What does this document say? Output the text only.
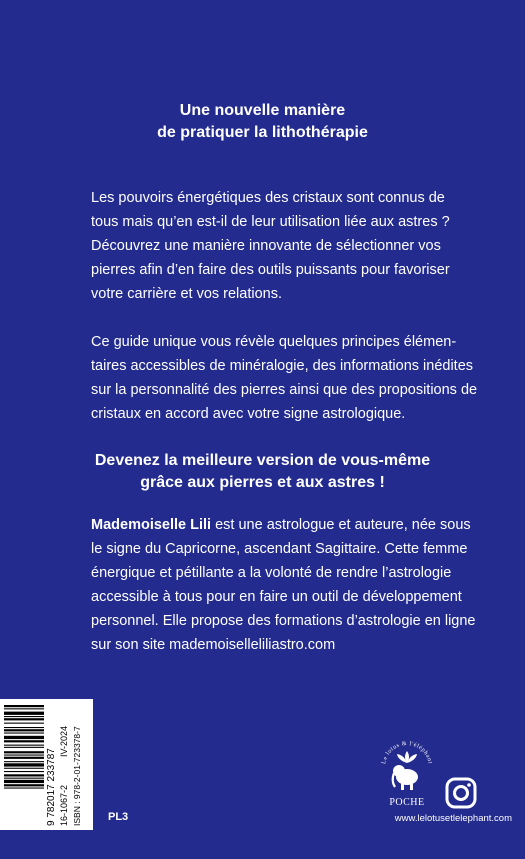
Une nouvelle manière
de pratiquer la lithothérapie
Les pouvoirs énergétiques des cristaux sont connus de
tous mais qu’en est-il de leur utilisation liée aux astres ?
Découvrez une manière innovante de sélectionner vos
pierres afin d’en faire des outils puissants pour favoriser
votre carrière et vos relations.
Ce guide unique vous révèle quelques principes élémen-
taires accessibles de minéralogie, des informations inédites
sur la personnalité des pierres ainsi que des propositions de
cristaux en accord avec votre signe astrologique.
Devenez la meilleure version de vous-même
grâce aux pierres et aux astres !
Mademoiselle Lili est une astrologue et auteure, née sous
le signe du Capricorne, ascendant Sagittaire. Cette femme
énergique et pétillante a la volonté de rendre l’astrologie
accessible à tous pour en faire un outil de développement
personnel. Elle propose des formations d’astrologie en ligne
sur son site mademoiselleliliastro.com
9 782017 233787 16-1067-2
IV-2024 ISBN : 978-2-01-723378-7 PL3
Le lotus & l'éléphant
POCHE
www.lelotusetlelephant.com
